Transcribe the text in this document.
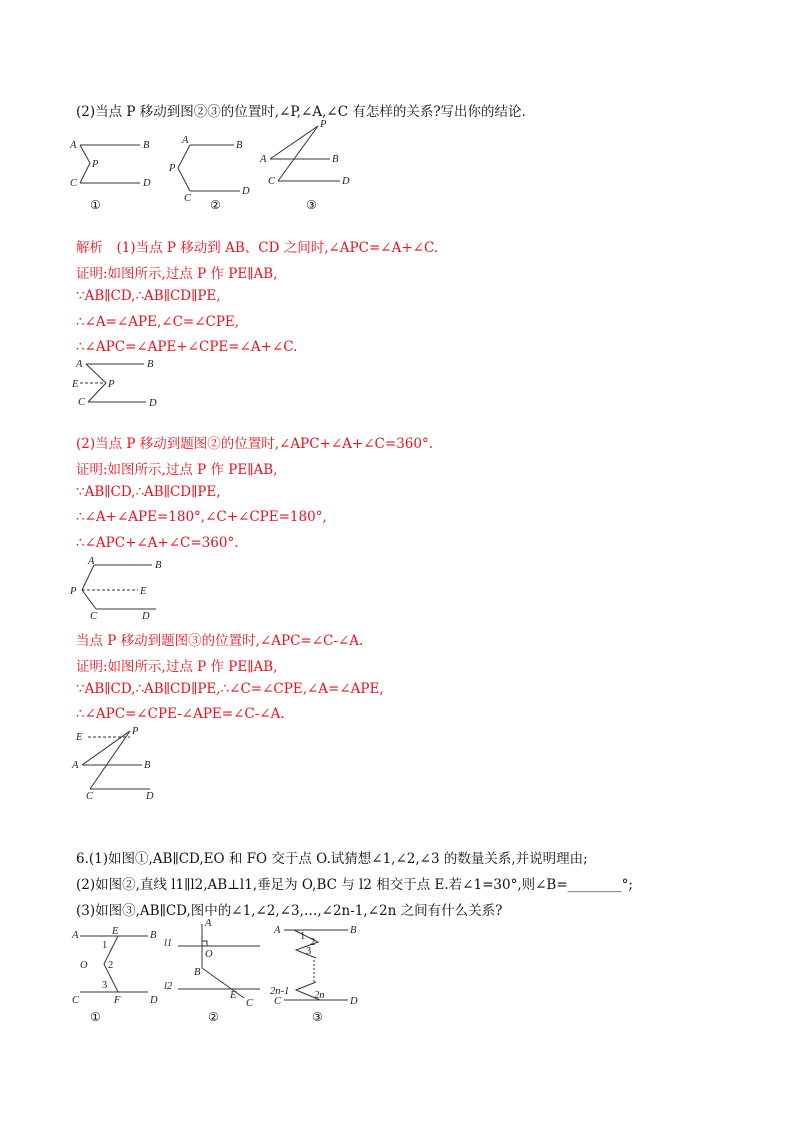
(2)当点 P 移动到图②③的位置时,∠P,∠A,∠C 有怎样的关系?写出你的结论.
A	B
P
C	D
①
A	B
P
C
D
②
P
A	B
C	D
③
解析　(1)当点 P 移动到 AB、CD 之间时,∠APC=∠A+∠C.
证明:如图所示,过点 P 作 PE∥AB,
∵AB∥CD,∴AB∥CD∥PE,
∴∠A=∠APE,∠C=∠CPE,
∴∠APC=∠APE+∠CPE=∠A+∠C.
A	B
E	P
C	D
(2)当点 P 移动到题图②的位置时,∠APC+∠A+∠C=360°.
证明:如图所示,过点 P 作 PE∥AB,
∵AB∥CD,∴AB∥CD∥PE,
∴∠A+∠APE=180°,∠C+∠CPE=180°,
∴∠APC+∠A+∠C=360°.
A	B
P	E
C	D
当点 P 移动到题图③的位置时,∠APC=∠C-∠A.
证明:如图所示,过点 P 作 PE∥AB,
∵AB∥CD,∴AB∥CD∥PE,∴∠C=∠CPE,∠A=∠APE,
∴∠APC=∠CPE-∠APE=∠C-∠A.
E
P
A	B
C	D
6.(1)如图①,AB∥CD,EO 和 FO 交于点 O.试猜想∠1,∠2,∠3 的数量关系,并说明理由;
(2)如图②,直线 l1∥l2,AB⊥l1,垂足为 O,BC 与 l2 相交于点 E.若∠1=30°,则∠B=________°;
(3)如图③,AB∥CD,图中的∠1,∠2,∠3,…,∠2n-1,∠2n 之间有什么关系?
A	E	B
1
O 2
3
C	F	D
①
A
l1
O
B
l2
E
C
②
A	B
1
2
3
2n-1 2n
C	D
③
